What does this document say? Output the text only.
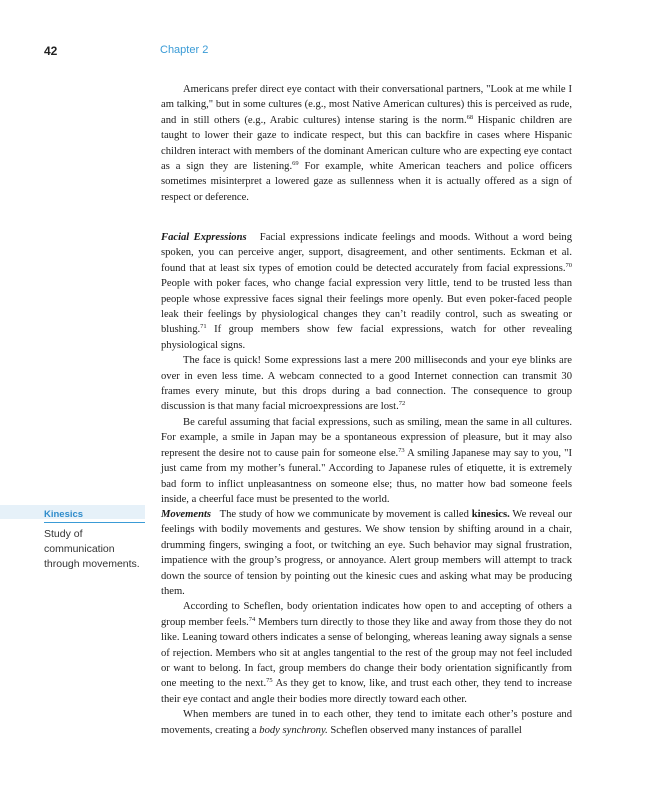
42	Chapter 2

Americans prefer direct eye contact with their conversational partners, "Look at me while I am talking," but in some cultures (e.g., most Native American cultures) this is perceived as rude, and in still others (e.g., Arabic cultures) intense staring is the norm.$^{68}$ Hispanic children are taught to lower their gaze to indicate respect, but this can backfire in cases where Hispanic children interact with members of the dominant American culture who are expecting eye contact as a sign they are listening.$^{69}$ For example, white American teachers and police officers sometimes misinterpret a lowered gaze as sullenness when it is actually offered as a sign of respect or deference.

Facial Expressions Facial expressions indicate feelings and moods. Without a word being spoken, you can perceive anger, support, disagreement, and other sentiments. Eckman et al. found that at least six types of emotion could be detected accurately from facial expressions.$^{70}$ People with poker faces, who change facial expression very little, tend to be trusted less than people whose expressive faces signal their feelings more openly. But even poker-faced people leak their feelings by physiological changes they can’t readily control, such as sweating or blushing.$^{71}$ If group members show few facial expressions, watch for other revealing physiological signs.

The face is quick! Some expressions last a mere 200 milliseconds and your eye blinks are over in even less time. A webcam connected to a good Internet connection can transmit 30 frames every minute, but this drops during a bad connection. The consequence to group discussion is that many facial microexpressions are lost.$^{72}$

Be careful assuming that facial expressions, such as smiling, mean the same in all cultures. For example, a smile in Japan may be a spontaneous expression of pleasure, but it may also represent the desire not to cause pain for someone else.$^{73}$ A smiling Japanese may say to you, "I just came from my mother’s funeral." According to Japanese rules of etiquette, it is extremely bad form to inflict unpleasantness on someone else; thus, no matter how bad someone feels inside, a cheerful face must be presented to the world.

Movements The study of how we communicate by movement is called kinesics. We reveal our feelings with bodily movements and gestures. We show tension by shifting around in a chair, drumming fingers, swinging a foot, or twitching an eye. Such behavior may signal frustration, impatience with the group’s progress, or annoyance. Alert group members will attempt to track down the source of tension by pointing out the kinesic cues and asking what may be producing them.

According to Scheflen, body orientation indicates how open to and accepting of others a group member feels.$^{74}$ Members turn directly to those they like and away from those they do not like. Leaning toward others indicates a sense of belonging, whereas leaning away signals a sense of rejection. Members who sit at angles tangential to the rest of the group may not feel included or want to belong. In fact, group members do change their body orientation significantly from one meeting to the next.$^{75}$ As they get to know, like, and trust each other, they tend to increase their eye contact and angle their bodies more directly toward each other.

When members are tuned in to each other, they tend to imitate each other’s posture and movements, creating a body synchrony. Scheflen observed many instances of parallel

Kinesics
Study of communication through movements.
